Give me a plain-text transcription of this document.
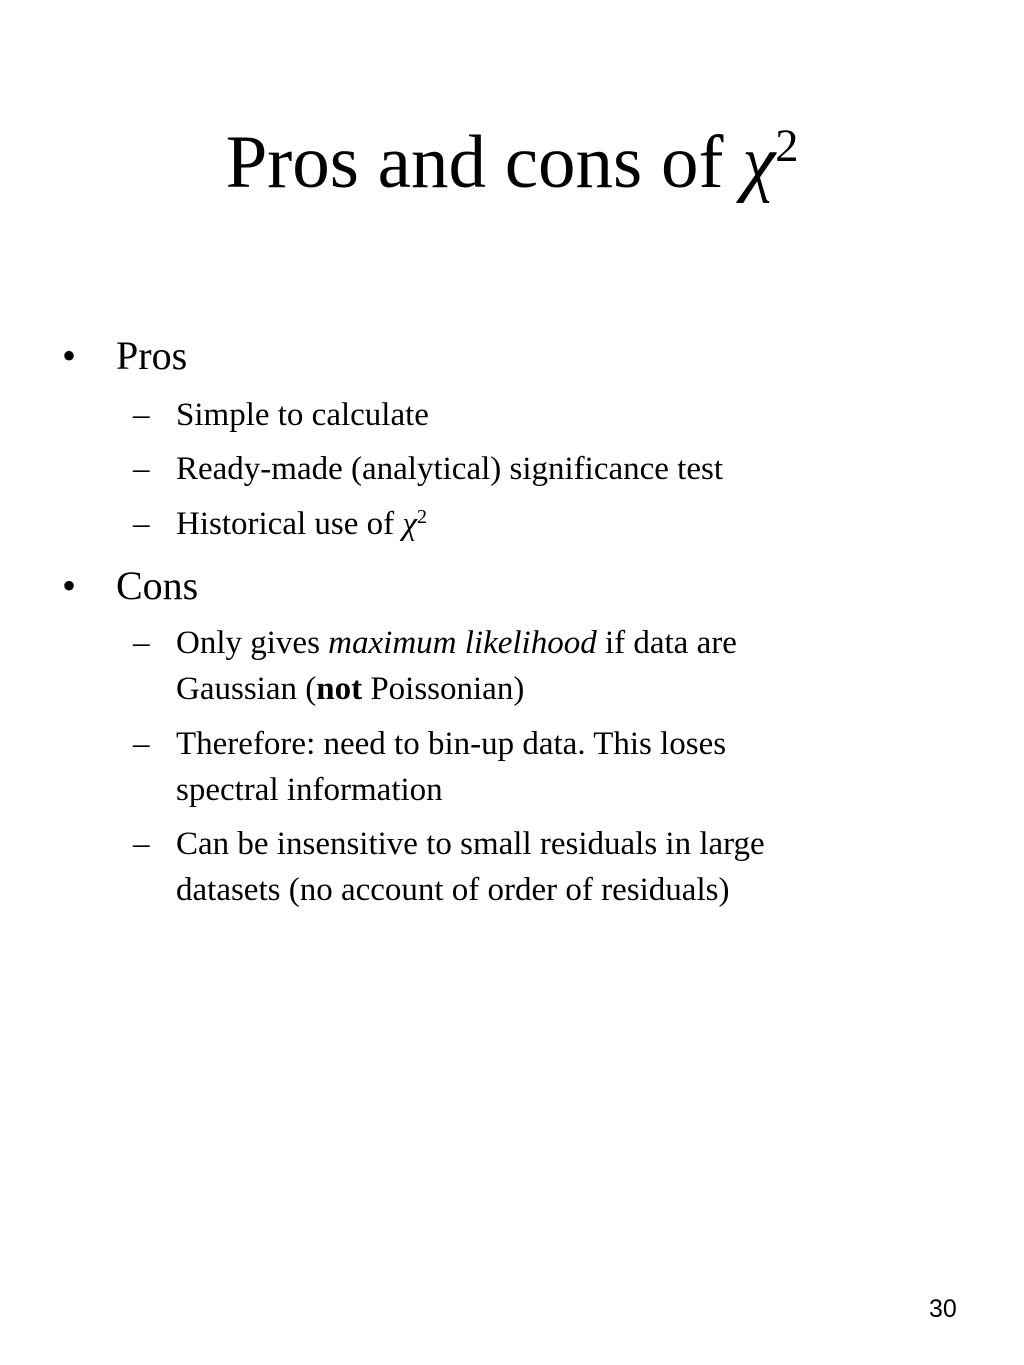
Pros and cons of $\chi^2$
• Pros
– Simple to calculate
– Ready-made (analytical) significance test
– Historical use of $\chi^2$
• Cons
– Only gives maximum likelihood if data are
Gaussian (not Poissonian)
– Therefore: need to bin-up data. This loses
spectral information
– Can be insensitive to small residuals in large
datasets (no account of order of residuals)
30
